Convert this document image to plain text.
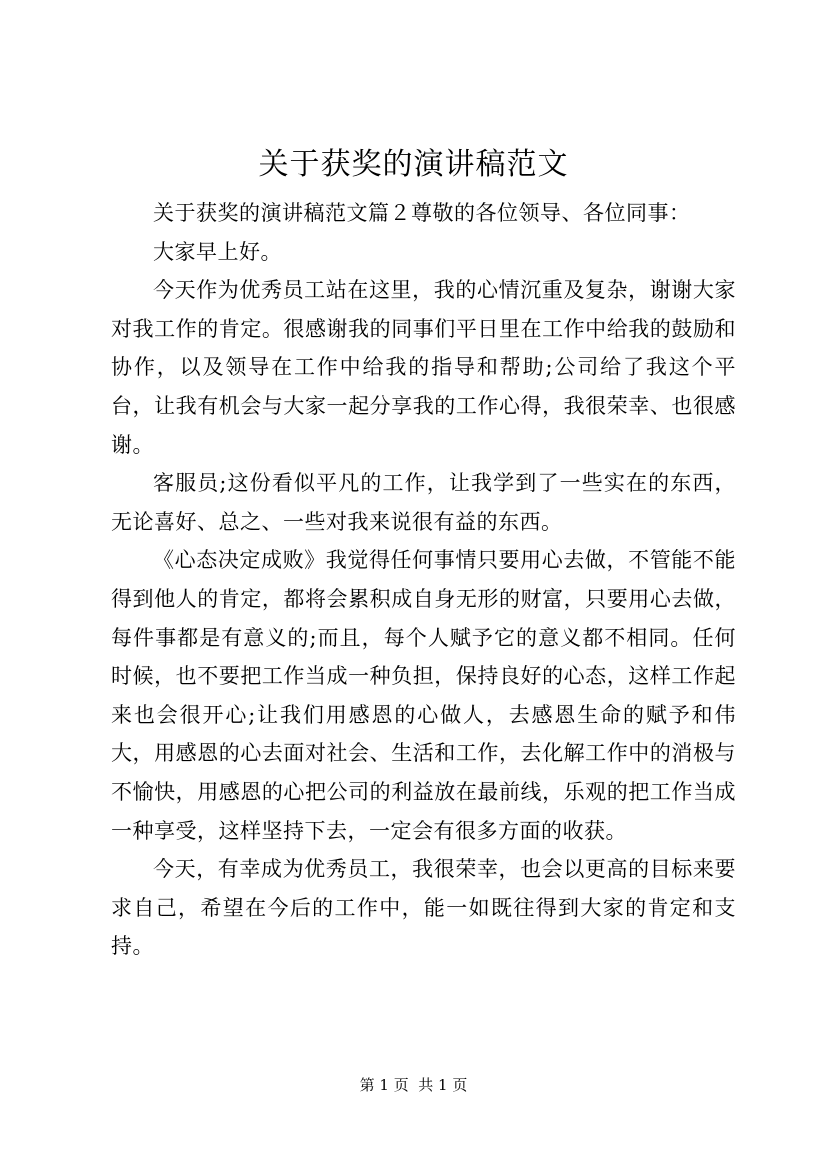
关于获奖的演讲稿范文

关于获奖的演讲稿范文篇２尊敬的各位领导、各位同事：

大家早上好。

今天作为优秀员工站在这里，我的心情沉重及复杂，谢谢大家对我工作的肯定。很感谢我的同事们平日里在工作中给我的鼓励和协作，以及领导在工作中给我的指导和帮助;公司给了我这个平台，让我有机会与大家一起分享我的工作心得，我很荣幸、也很感谢。

客服员;这份看似平凡的工作，让我学到了一些实在的东西，无论喜好、总之、一些对我来说很有益的东西。

《心态决定成败》我觉得任何事情只要用心去做，不管能不能得到他人的肯定，都将会累积成自身无形的财富，只要用心去做，每件事都是有意义的;而且，每个人赋予它的意义都不相同。任何时候，也不要把工作当成一种负担，保持良好的心态，这样工作起来也会很开心;让我们用感恩的心做人，去感恩生命的赋予和伟大，用感恩的心去面对社会、生活和工作，去化解工作中的消极与不愉快，用感恩的心把公司的利益放在最前线，乐观的把工作当成一种享受，这样坚持下去，一定会有很多方面的收获。

今天，有幸成为优秀员工，我很荣幸，也会以更高的目标来要求自己，希望在今后的工作中，能一如既往得到大家的肯定和支持。

第 1 页  共 1 页
